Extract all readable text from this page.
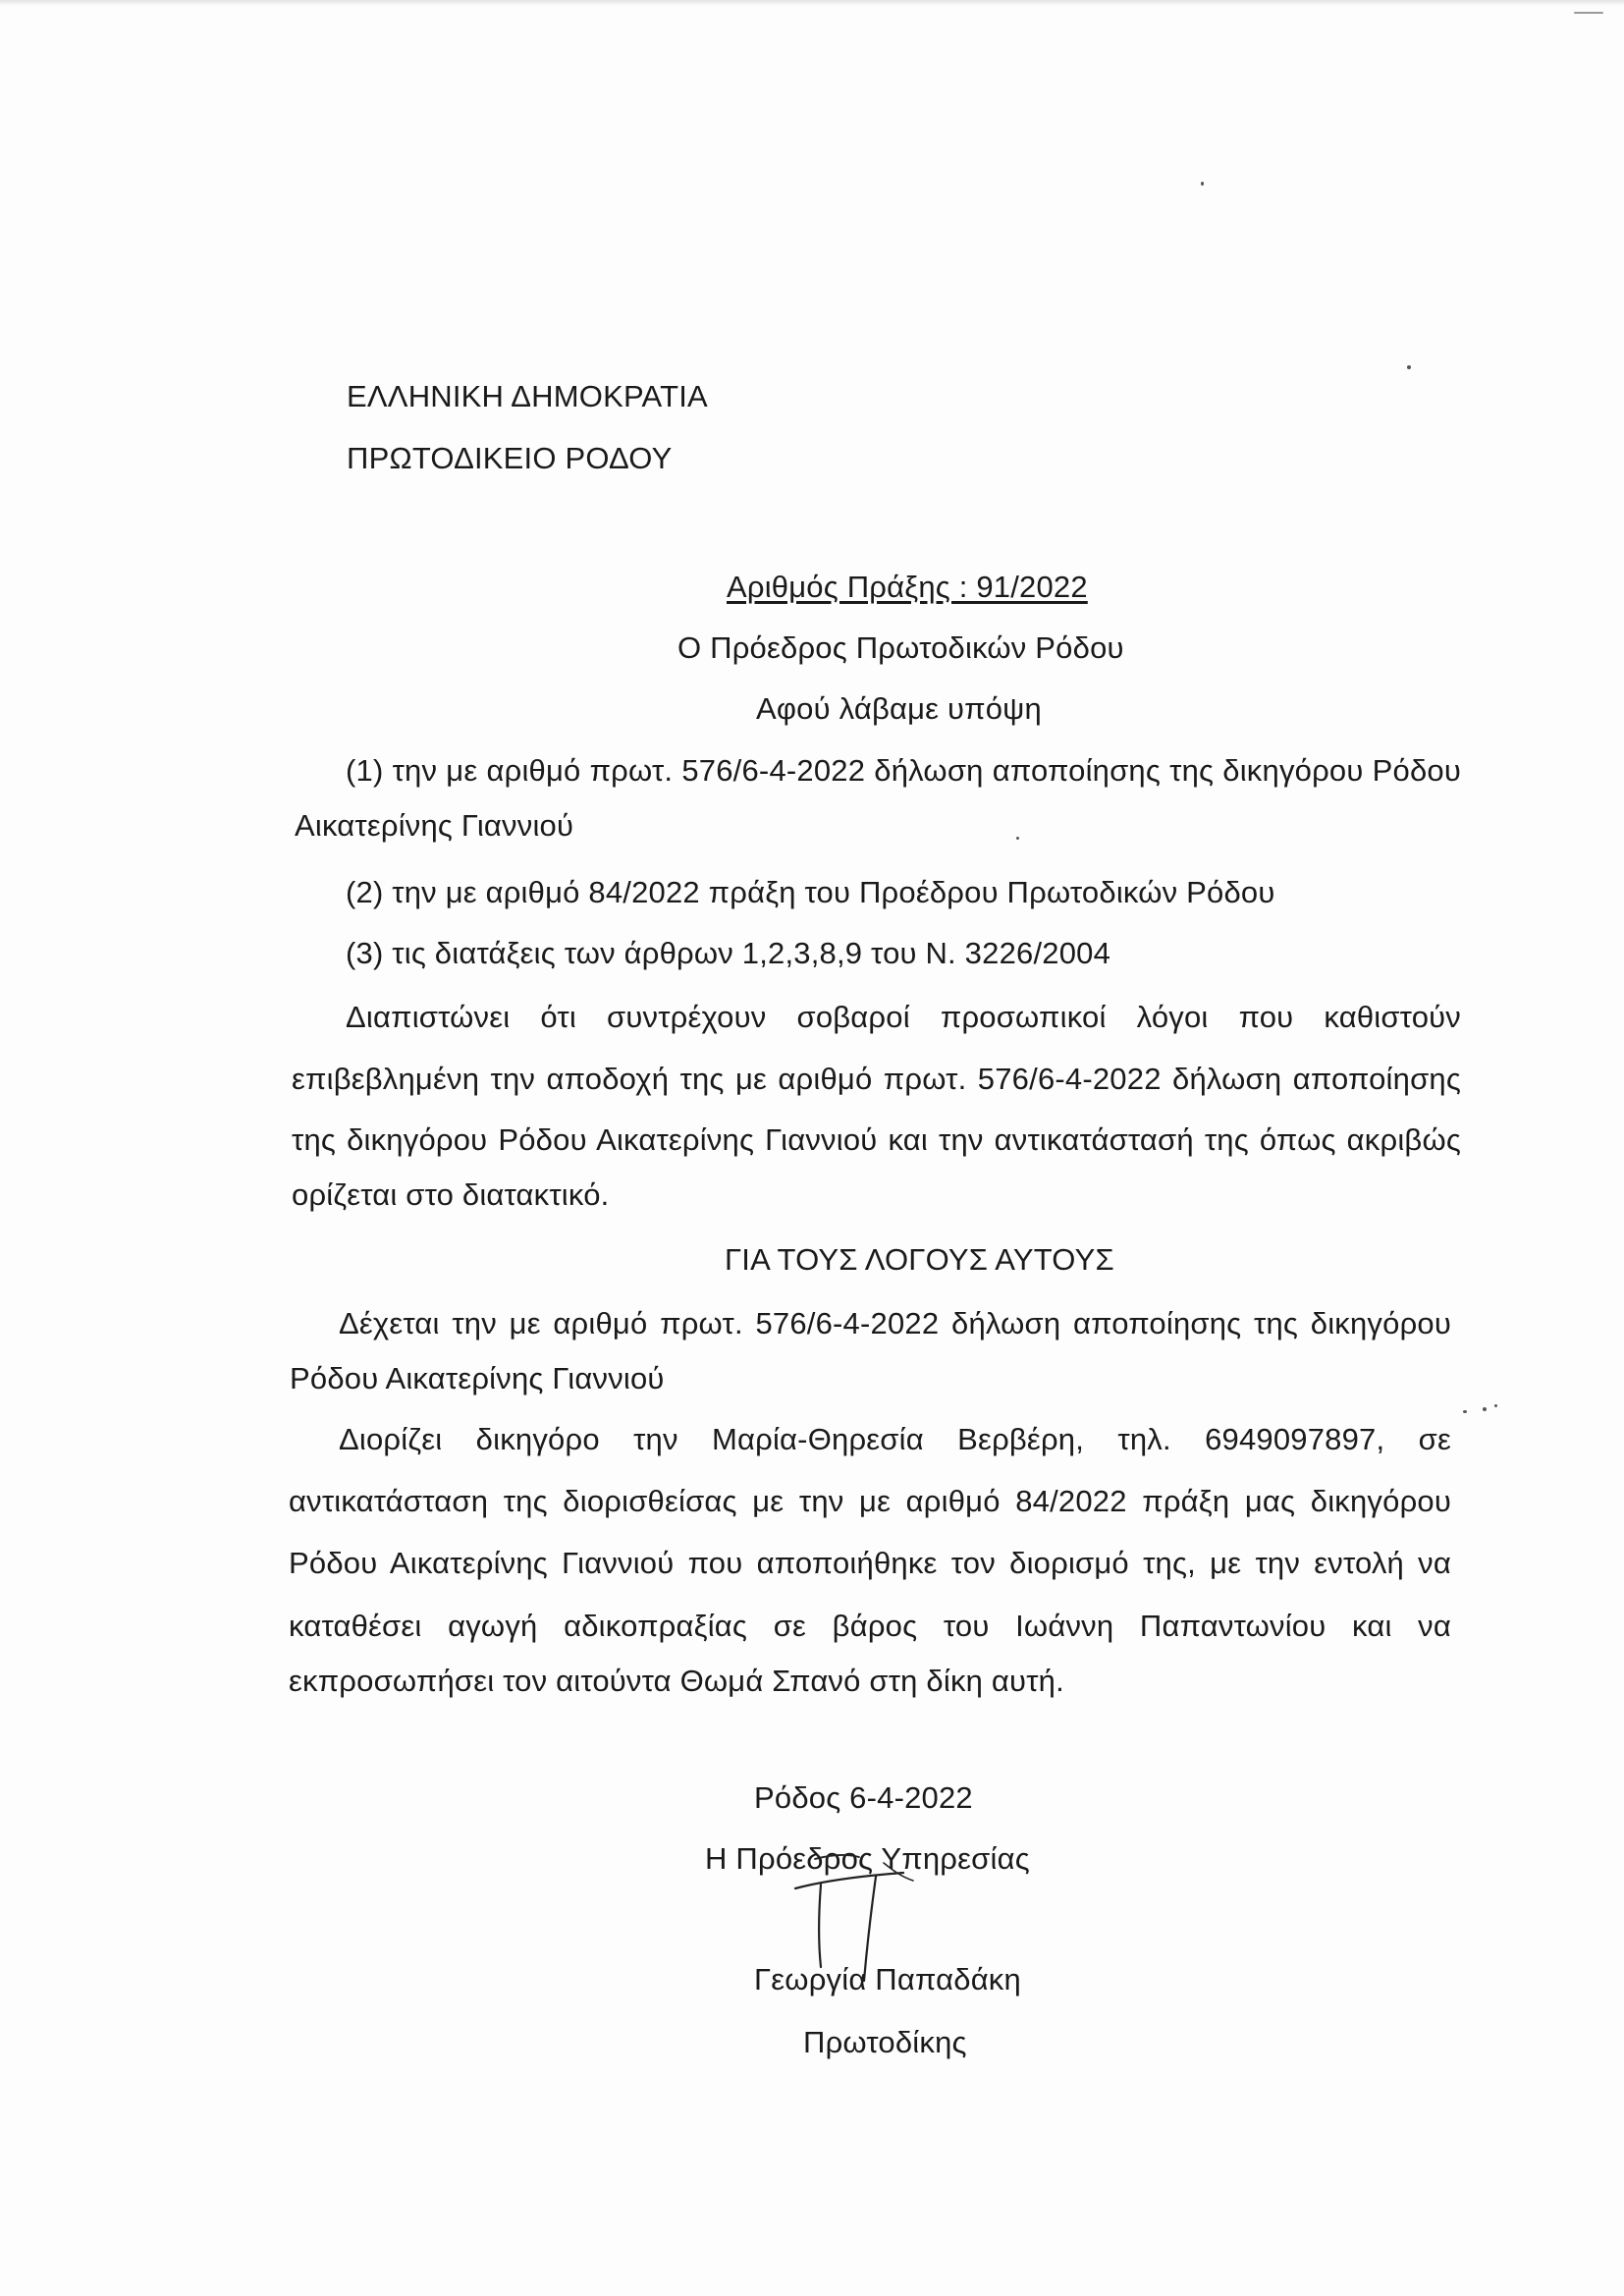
ΕΛΛΗΝΙΚΗ ΔΗΜΟΚΡΑΤΙΑ
ΠΡΩΤΟΔΙΚΕΙΟ ΡΟΔΟΥ
Αριθμός Πράξης : 91/2022
Ο Πρόεδρος Πρωτοδικών Ρόδου
Αφού λάβαμε υπόψη
(1) την με αριθμό πρωτ. 576/6-4-2022 δήλωση αποποίησης της δικηγόρου Ρόδου
Αικατερίνης Γιαννιού
(2) την με αριθμό 84/2022 πράξη του Προέδρου Πρωτοδικών Ρόδου
(3) τις διατάξεις των άρθρων 1,2,3,8,9 του Ν. 3226/2004
Διαπιστώνει ότι συντρέχουν σοβαροί προσωπικοί λόγοι που καθιστούν
επιβεβλημένη την αποδοχή της με αριθμό πρωτ. 576/6-4-2022 δήλωση αποποίησης
της δικηγόρου Ρόδου Αικατερίνης Γιαννιού και την αντικατάστασή της όπως ακριβώς
ορίζεται στο διατακτικό.
ΓΙΑ ΤΟΥΣ ΛΟΓΟΥΣ ΑΥΤΟΥΣ
Δέχεται την με αριθμό πρωτ. 576/6-4-2022 δήλωση αποποίησης της δικηγόρου
Ρόδου Αικατερίνης Γιαννιού
Διορίζει δικηγόρο την Μαρία-Θηρεσία Βερβέρη, τηλ. 6949097897, σε
αντικατάσταση της διορισθείσας με την με αριθμό 84/2022 πράξη μας δικηγόρου
Ρόδου Αικατερίνης Γιαννιού που αποποιήθηκε τον διορισμό της, με την εντολή να
καταθέσει αγωγή αδικοπραξίας σε βάρος του Ιωάννη Παπαντωνίου και να
εκπροσωπήσει τον αιτούντα Θωμά Σπανό στη δίκη αυτή.
Ρόδος 6-4-2022
Η Πρόεδρος Υπηρεσίας
Γεωργία Παπαδάκη
Πρωτοδίκης
